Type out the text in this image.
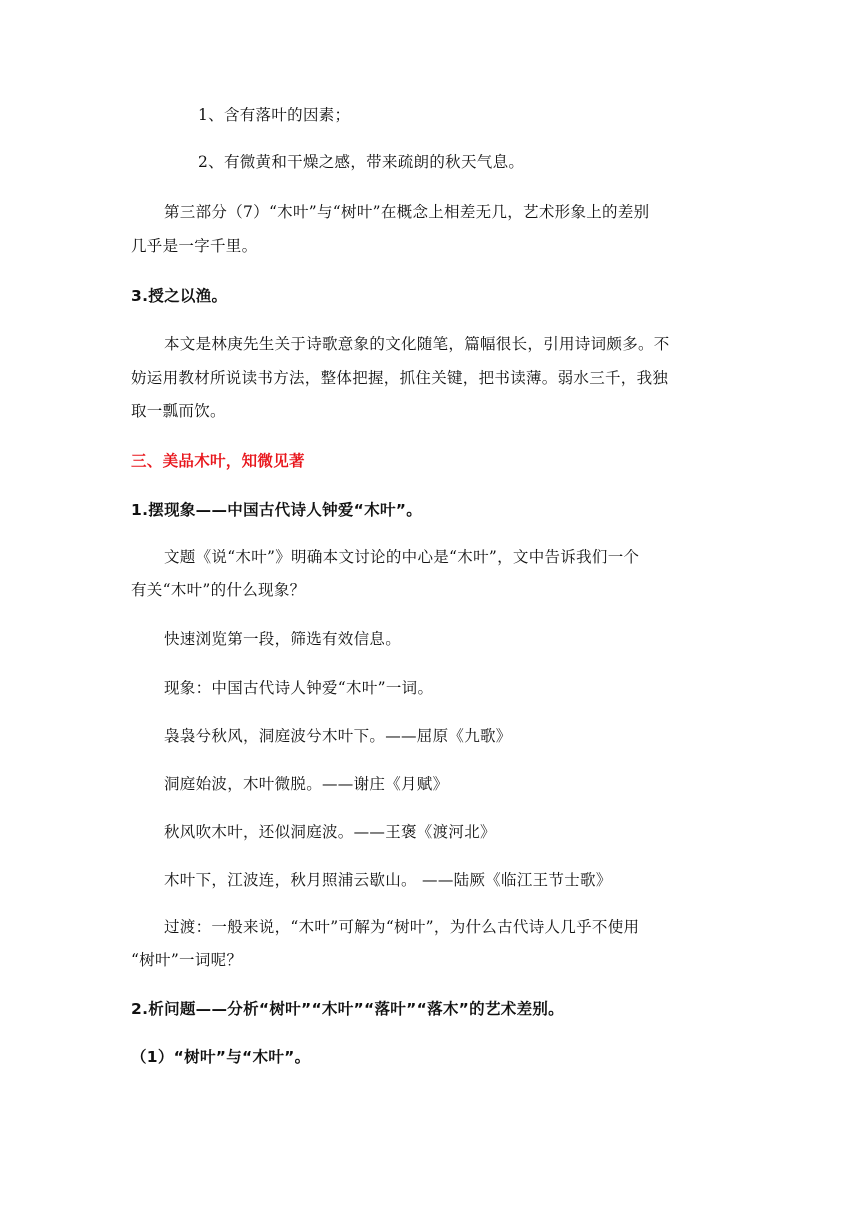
1、含有落叶的因素；
2、有微黄和干燥之感，带来疏朗的秋天气息。
第三部分（7）“木叶”与“树叶”在概念上相差无几，艺术形象上的差别
几乎是一字千里。
3.授之以渔。
本文是林庚先生关于诗歌意象的文化随笔，篇幅很长，引用诗词颇多。不
妨运用教材所说读书方法，整体把握，抓住关键，把书读薄。弱水三千，我独
取一瓢而饮。
三、美品木叶，知微见著
1.摆现象——中国古代诗人钟爱“木叶”。
文题《说“木叶”》明确本文讨论的中心是“木叶”，文中告诉我们一个
有关“木叶”的什么现象？
快速浏览第一段，筛选有效信息。
现象：中国古代诗人钟爱“木叶”一词。
袅袅兮秋风，洞庭波兮木叶下。——屈原《九歌》
洞庭始波，木叶微脱。——谢庄《月赋》
秋风吹木叶，还似洞庭波。——王褒《渡河北》
木叶下，江波连，秋月照浦云歇山。 ——陆厥《临江王节士歌》
过渡：一般来说，“木叶”可解为“树叶”，为什么古代诗人几乎不使用
“树叶”一词呢？
2.析问题——分析“树叶”“木叶”“落叶”“落木”的艺术差别。
（1）“树叶”与“木叶”。
